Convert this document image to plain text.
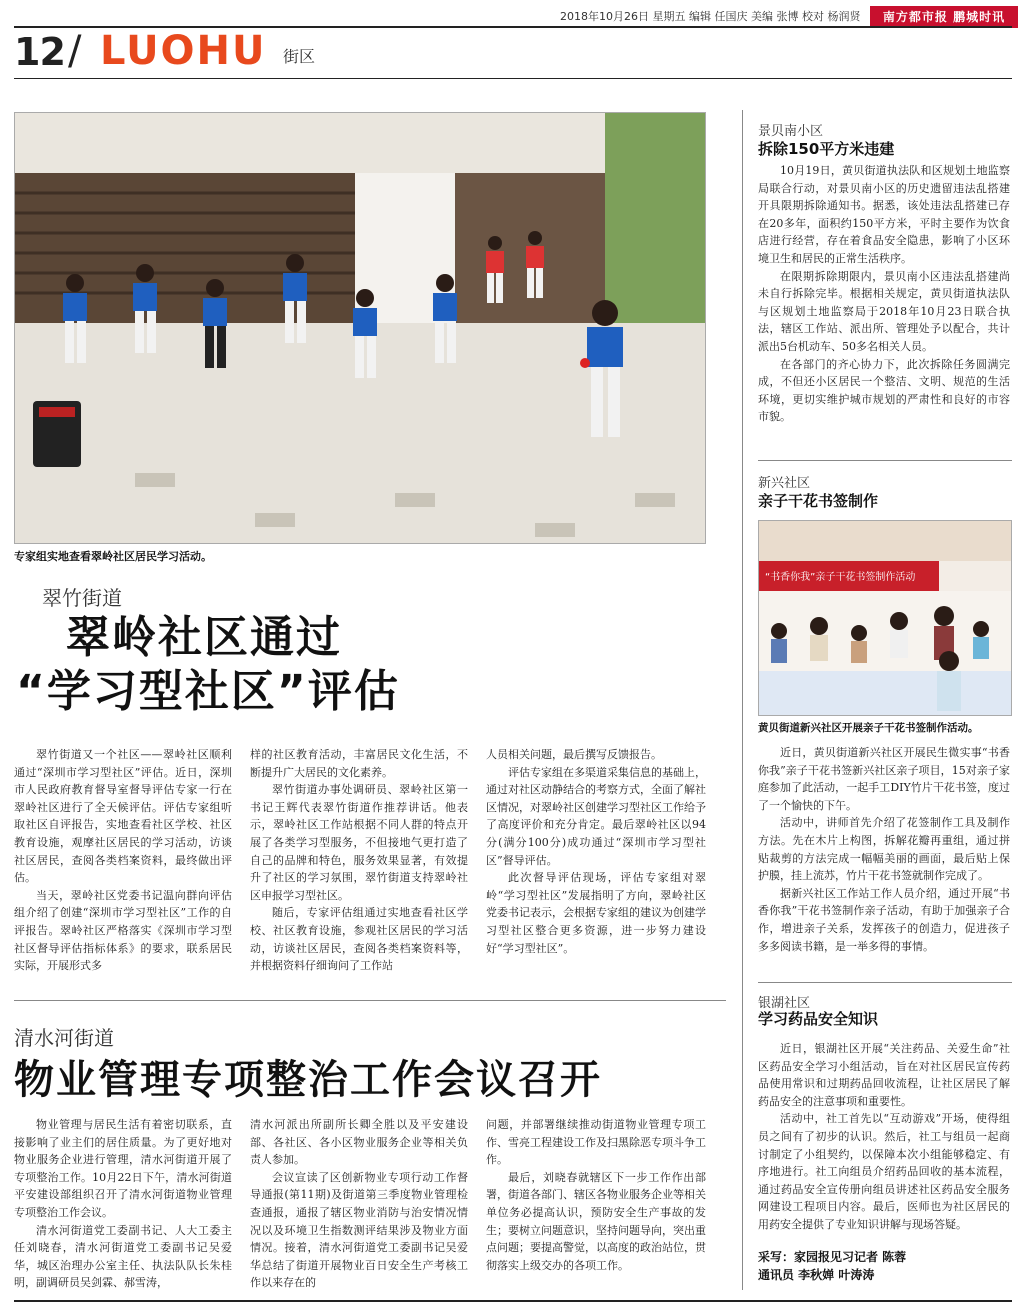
2018年10月26日 星期五 编辑 任国庆 美编 张博 校对 杨润贤	南方都市报 鹏城时讯
12 / LUOHU 街区
专家组实地查看翠岭社区居民学习活动。
翠竹街道
翠岭社区通过
“学习型社区”评估

翠竹街道又一个社区——翠岭社区顺利通过“深圳市学习型社区”评估。近日，深圳市人民政府教育督导室督导评估专家一行在翠岭社区进行了全天候评估。评估专家组听取社区自评报告，实地查看社区学校、社区教育设施，观摩社区居民的学习活动，访谈社区居民，查阅各类档案资料，最终做出评估。

当天，翠岭社区党委书记温向群向评估组介绍了创建“深圳市学习型社区”工作的自评报告。翠岭社区严格落实《深圳市学习型社区督导评估指标体系》的要求，联系居民实际，开展形式多

样的社区教育活动，丰富居民文化生活，不断提升广大居民的文化素养。

翠竹街道办事处调研员、翠岭社区第一书记王辉代表翠竹街道作推荐讲话。他表示，翠岭社区工作站根据不同人群的特点开展了各类学习型服务，不但接地气更打造了自己的品牌和特色，服务效果显著，有效提升了社区的学习氛围，翠竹街道支持翠岭社区申报学习型社区。

随后，专家评估组通过实地查看社区学校、社区教育设施，参观社区居民的学习活动，访谈社区居民，查阅各类档案资料等，并根据资料仔细询问了工作站

人员相关问题，最后撰写反馈报告。

评估专家组在多渠道采集信息的基础上，通过对社区动静结合的考察方式，全面了解社区情况，对翠岭社区创建学习型社区工作给予了高度评价和充分肯定。最后翠岭社区以94分(满分100分)成功通过“深圳市学习型社区”督导评估。

此次督导评估现场，评估专家组对翠岭“学习型社区”发展指明了方向，翠岭社区党委书记表示，会根据专家组的建议为创建学习型社区整合更多资源，进一步努力建设好“学习型社区”。

清水河街道
物业管理专项整治工作会议召开

物业管理与居民生活有着密切联系，直接影响了业主们的居住质量。为了更好地对物业服务企业进行管理，清水河街道开展了专项整治工作。10月22日下午，清水河街道平安建设部组织召开了清水河街道物业管理专项整治工作会议。

清水河街道党工委副书记、人大工委主任刘晓春，清水河街道党工委副书记吴爱华，城区治理办公室主任、执法队队长朱桂明，副调研员吴剑霖、郝雪涛，

清水河派出所副所长卿全胜以及平安建设部、各社区、各小区物业服务企业等相关负责人参加。

会议宣读了区创新物业专项行动工作督导通报(第11期)及街道第三季度物业管理检查通报，通报了辖区物业消防与治安情况情况以及环境卫生指数测评结果涉及物业方面情况。接着，清水河街道党工委副书记吴爱华总结了街道开展物业百日安全生产考核工作以来存在的

问题，并部署继续推动街道物业管理专项工作、雪亮工程建设工作及扫黑除恶专项斗争工作。

最后，刘晓春就辖区下一步工作作出部署，街道各部门、辖区各物业服务企业等相关单位务必提高认识，预防安全生产事故的发生；要树立问题意识，坚持问题导向，突出重点问题；要提高警觉，以高度的政治站位，贯彻落实上级交办的各项工作。

景贝南小区
拆除150平方米违建

10月19日，黄贝街道执法队和区规划土地监察局联合行动，对景贝南小区的历史遗留违法乱搭建开具限期拆除通知书。据悉，该处违法乱搭建已存在20多年，面积约150平方米，平时主要作为饮食店进行经营，存在着食品安全隐患，影响了小区环境卫生和居民的正常生活秩序。

在限期拆除期限内，景贝南小区违法乱搭建尚未自行拆除完毕。根据相关规定，黄贝街道执法队与区规划土地监察局于2018年10月23日联合执法，辖区工作站、派出所、管理处予以配合，共计派出5台机动车、50多名相关人员。

在各部门的齐心协力下，此次拆除任务圆满完成，不但还小区居民一个整洁、文明、规范的生活环境，更切实维护城市规划的严肃性和良好的市容市貌。

新兴社区
亲子干花书签制作
“书香你我”亲子干花书签制作活动
黄贝街道新兴社区开展亲子干花书签制作活动。

近日，黄贝街道新兴社区开展民生微实事“书香你我”亲子干花书签新兴社区亲子项目，15对亲子家庭参加了此活动，一起手工DIY竹片干花书签，度过了一个愉快的下午。

活动中，讲师首先介绍了花签制作工具及制作方法。先在木片上构图，拆解花瓣再重组，通过拼贴裁剪的方法完成一幅幅美丽的画面，最后贴上保护膜，挂上流苏，竹片干花书签就制作完成了。

据新兴社区工作站工作人员介绍，通过开展“书香你我”干花书签制作亲子活动，有助于加强亲子合作，增进亲子关系，发挥孩子的创造力，促进孩子多多阅读书籍，是一举多得的事情。

银湖社区
学习药品安全知识

近日，银湖社区开展“关注药品、关爱生命”社区药品安全学习小组活动，旨在对社区居民宣传药品使用常识和过期药品回收流程，让社区居民了解药品安全的注意事项和重要性。

活动中，社工首先以“互动游戏”开场，使得组员之间有了初步的认识。然后，社工与组员一起商讨制定了小组契约，以保障本次小组能够稳定、有序地进行。社工向组员介绍药品回收的基本流程，通过药品安全宣传册向组员讲述社区药品安全服务网建设工程项目内容。最后，医师也为社区居民的用药安全提供了专业知识讲解与现场答疑。

采写：家园报见习记者 陈蓉
通讯员 李秋婵 叶涛涛
